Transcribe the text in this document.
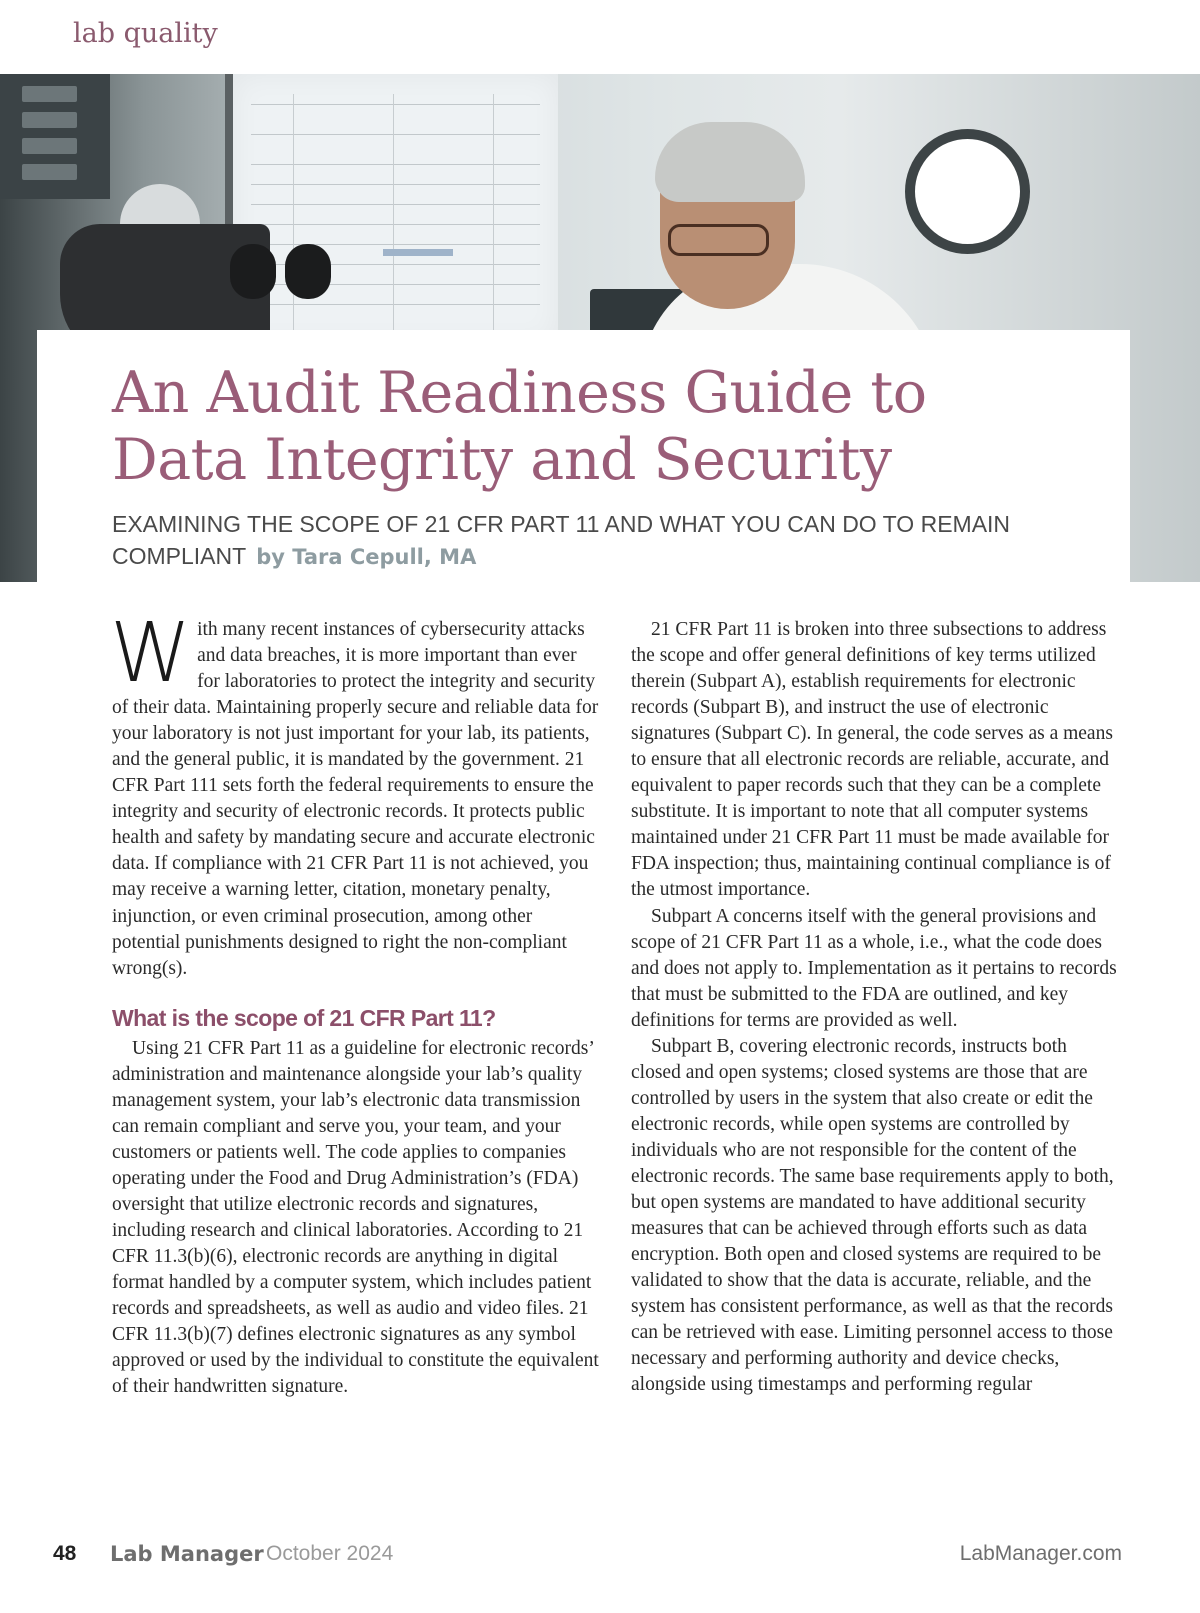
lab quality
An Audit Readiness Guide to
Data Integrity and Security
EXAMINING THE SCOPE OF 21 CFR PART 11 AND WHAT YOU CAN DO TO REMAIN COMPLIANT by Tara Cepull, MA

With many recent instances of cybersecurity attacks and data breaches, it is more important than ever for laboratories to protect the integrity and security of their data. Maintaining properly secure and reliable data for your laboratory is not just important for your lab, its patients, and the general public, it is mandated by the government. 21 CFR Part 111 sets forth the federal requirements to ensure the integrity and security of electronic records. It protects public health and safety by mandating secure and accurate electronic data. If compliance with 21 CFR Part 11 is not achieved, you may receive a warning letter, citation, monetary penalty, injunction, or even criminal prosecution, among other potential punishments designed to right the non-compliant wrong(s).

What is the scope of 21 CFR Part 11?

Using 21 CFR Part 11 as a guideline for electronic records’ administration and maintenance alongside your lab’s quality management system, your lab’s electronic data transmission can remain compliant and serve you, your team, and your customers or patients well. The code applies to companies operating under the Food and Drug Administration’s (FDA) oversight that utilize electronic records and signatures, including research and clinical laboratories. According to 21 CFR 11.3(b)(6), electronic records are anything in digital format handled by a computer system, which includes patient records and spreadsheets, as well as audio and video files. 21 CFR 11.3(b)(7) defines electronic signatures as any symbol approved or used by the individual to constitute the equivalent of their handwritten signature.

21 CFR Part 11 is broken into three subsections to address the scope and offer general definitions of key terms utilized therein (Subpart A), establish requirements for electronic records (Subpart B), and instruct the use of electronic signatures (Subpart C). In general, the code serves as a means to ensure that all electronic records are reliable, accurate, and equivalent to paper records such that they can be a complete substitute. It is important to note that all computer systems maintained under 21 CFR Part 11 must be made available for FDA inspection; thus, maintaining continual compliance is of the utmost importance.

Subpart A concerns itself with the general provisions and scope of 21 CFR Part 11 as a whole, i.e., what the code does and does not apply to. Implementation as it pertains to records that must be submitted to the FDA are outlined, and key definitions for terms are provided as well.

Subpart B, covering electronic records, instructs both closed and open systems; closed systems are those that are controlled by users in the system that also create or edit the electronic records, while open systems are controlled by individuals who are not responsible for the content of the electronic records. The same base requirements apply to both, but open systems are mandated to have additional security measures that can be achieved through efforts such as data encryption. Both open and closed systems are required to be validated to show that the data is accurate, reliable, and the system has consistent performance, as well as that the records can be retrieved with ease. Limiting personnel access to those necessary and performing authority and device checks, alongside using timestamps and performing regular

48 Lab Manager October 2024	LabManager.com
